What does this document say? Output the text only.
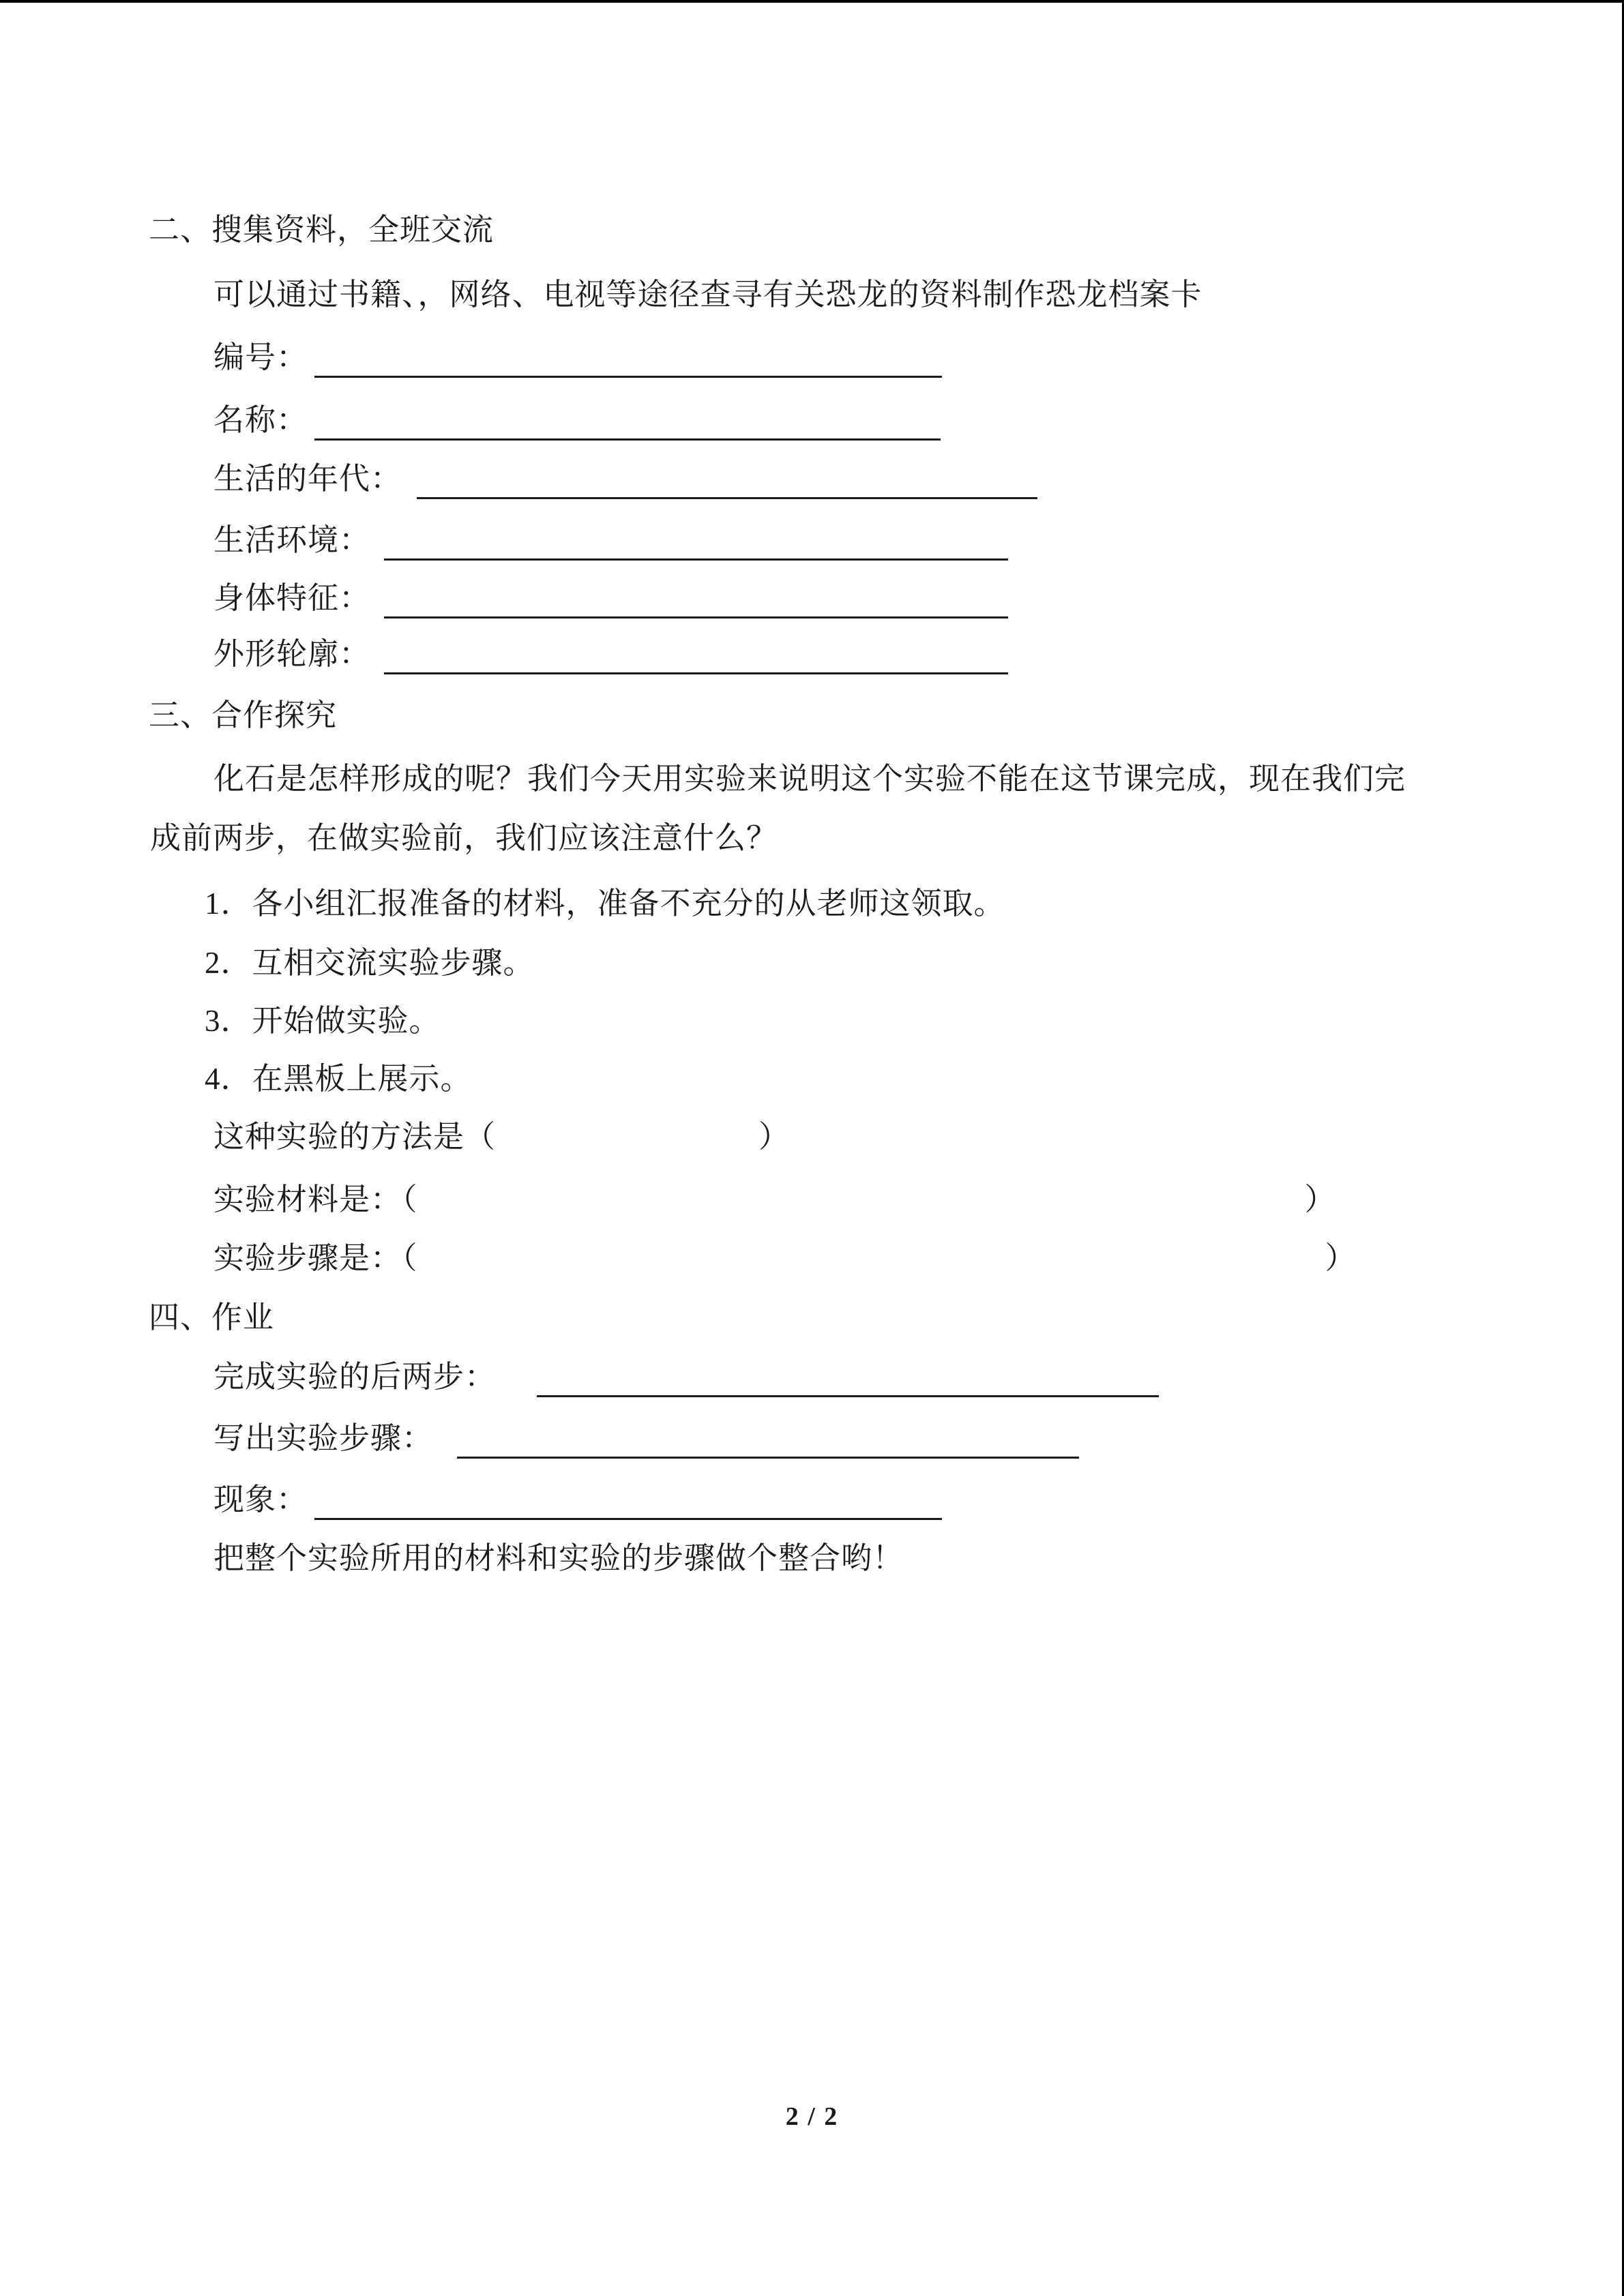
二、搜集资料，全班交流
可以通过书籍、，网络、电视等途径查寻有关恐龙的资料制作恐龙档案卡
编号：
名称：
生活的年代：
生活环境：
身体特征：
外形轮廓：
三、合作探究
化石是怎样形成的呢？我们今天用实验来说明这个实验不能在这节课完成，现在我们完
成前两步，在做实验前，我们应该注意什么？
1．各小组汇报准备的材料，准备不充分的从老师这领取。
2．互相交流实验步骤。
3．开始做实验。
4．在黑板上展示。
这种实验的方法是（	）
实验材料是：（	）
实验步骤是：（	）
四、作业
完成实验的后两步：
写出实验步骤：
现象：
把整个实验所用的材料和实验的步骤做个整合哟！
2 / 2
